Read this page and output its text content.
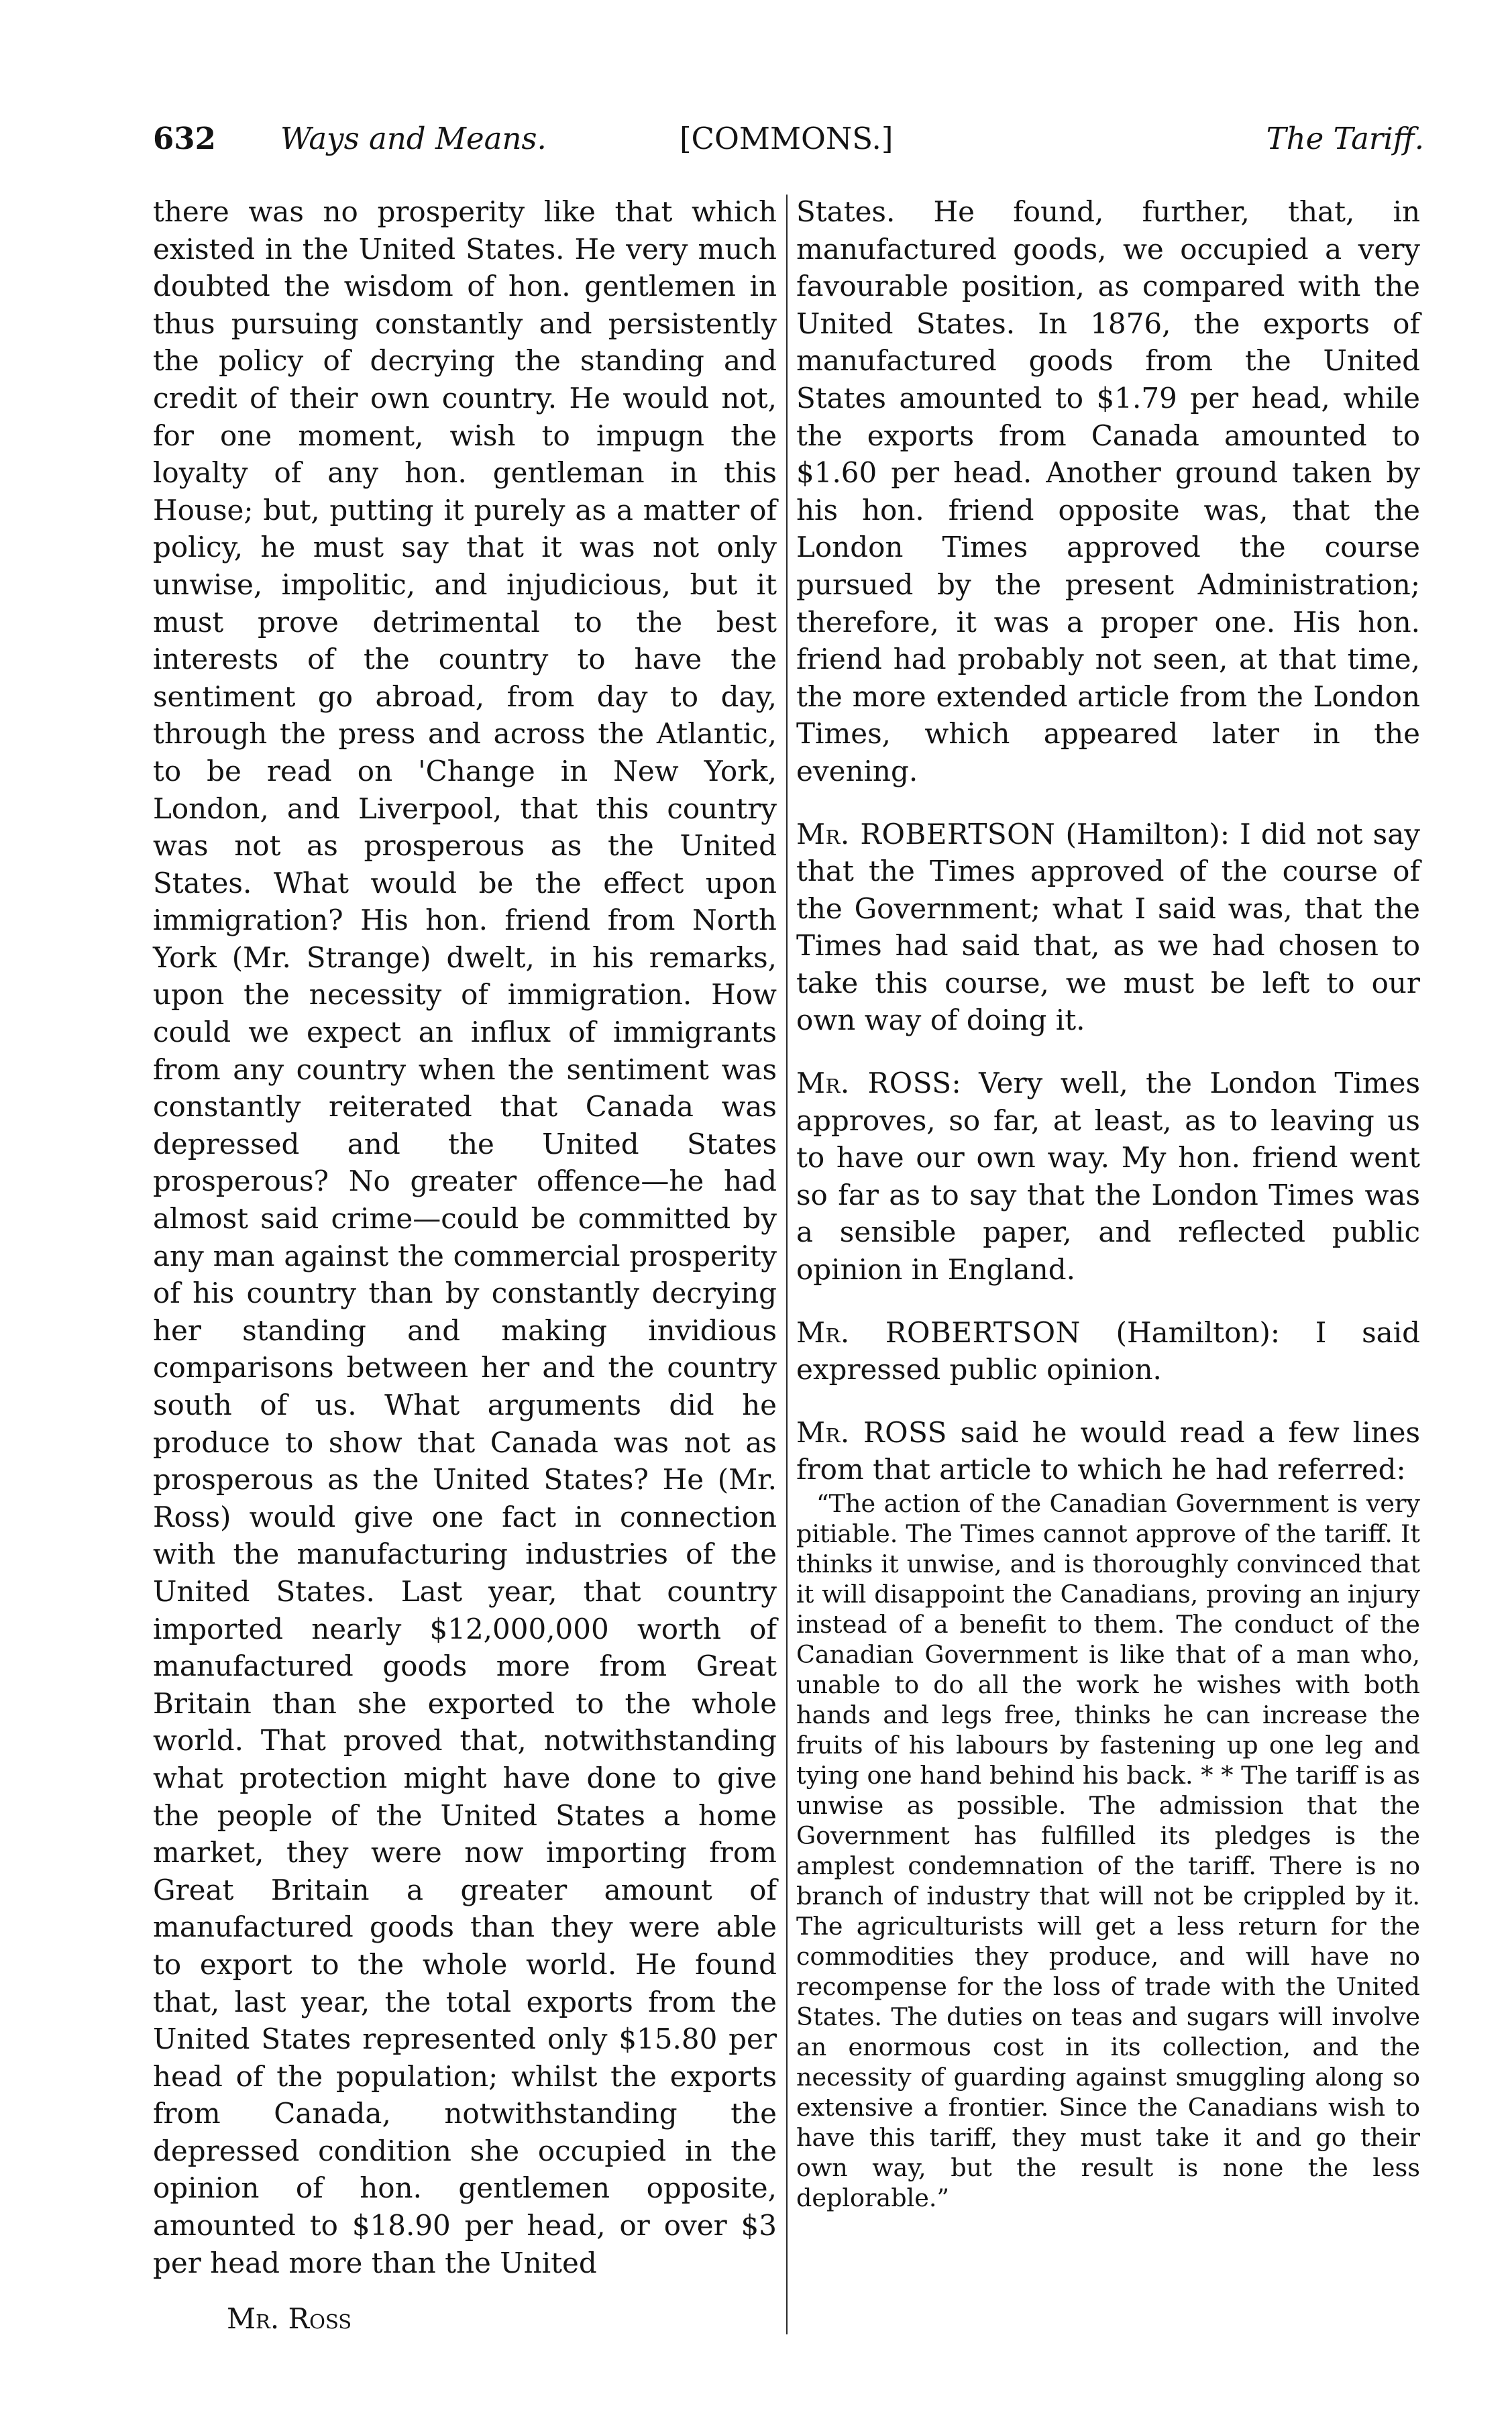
632 Ways and Means.	[COMMONS.]	The Tariff.

there was no prosperity like that which existed in the United States. He very much doubted the wisdom of hon. gentlemen in thus pursuing constantly and persistently the policy of decrying the standing and credit of their own country. He would not, for one moment, wish to impugn the loyalty of any hon. gentleman in this House; but, putting it purely as a matter of policy, he must say that it was not only unwise, impolitic, and injudicious, but it must prove detrimental to the best interests of the country to have the sentiment go abroad, from day to day, through the press and across the Atlantic, to be read on 'Change in New York, London, and Liverpool, that this country was not as prosperous as the United States. What would be the effect upon immigration? His hon. friend from North York (Mr. Strange) dwelt, in his remarks, upon the necessity of immigration. How could we expect an influx of immigrants from any country when the sentiment was constantly reiterated that Canada was depressed and the United States prosperous? No greater offence—he had almost said crime—could be committed by any man against the commercial prosperity of his country than by constantly decrying her standing and making invidious comparisons between her and the country south of us. What arguments did he produce to show that Canada was not as prosperous as the United States? He (Mr. Ross) would give one fact in connection with the manufacturing industries of the United States. Last year, that country imported nearly $12,000,000 worth of manufactured goods more from Great Britain than she exported to the whole world. That proved that, notwithstanding what protection might have done to give the people of the United States a home market, they were now importing from Great Britain a greater amount of manufactured goods than they were able to export to the whole world. He found that, last year, the total exports from the United States represented only $15.80 per head of the population; whilst the exports from Canada, notwithstanding the depressed condition she occupied in the opinion of hon. gentlemen opposite, amounted to $18.90 per head, or over $3 per head more than the United

States. He found, further, that, in manufactured goods, we occupied a very favourable position, as compared with the United States. In 1876, the exports of manufactured goods from the United States amounted to $1.79 per head, while the exports from Canada amounted to $1.60 per head. Another ground taken by his hon. friend opposite was, that the London Times approved the course pursued by the present Administration; therefore, it was a proper one. His hon. friend had probably not seen, at that time, the more extended article from the London Times, which appeared later in the evening.

Mr. ROBERTSON (Hamilton): I did not say that the Times approved of the course of the Government; what I said was, that the Times had said that, as we had chosen to take this course, we must be left to our own way of doing it.

Mr. ROSS: Very well, the London Times approves, so far, at least, as to leaving us to have our own way. My hon. friend went so far as to say that the London Times was a sensible paper, and reflected public opinion in England.

Mr. ROBERTSON (Hamilton): I said expressed public opinion.

Mr. ROSS said he would read a few lines from that article to which he had referred:

“The action of the Canadian Government is very pitiable. The Times cannot approve of the tariff. It thinks it unwise, and is thoroughly convinced that it will disappoint the Canadians, proving an injury instead of a benefit to them. The conduct of the Canadian Government is like that of a man who, unable to do all the work he wishes with both hands and legs free, thinks he can increase the fruits of his labours by fastening up one leg and tying one hand behind his back. * * The tariff is as unwise as possible. The admission that the Government has fulfilled its pledges is the amplest condemnation of the tariff. There is no branch of industry that will not be crippled by it. The agriculturists will get a less return for the commodities they produce, and will have no recompense for the loss of trade with the United States. The duties on teas and sugars will involve an enormous cost in its collection, and the necessity of guarding against smuggling along so extensive a frontier. Since the Canadians wish to have this tariff, they must take it and go their own way, but the result is none the less deplorable.”

Mr. Ross
